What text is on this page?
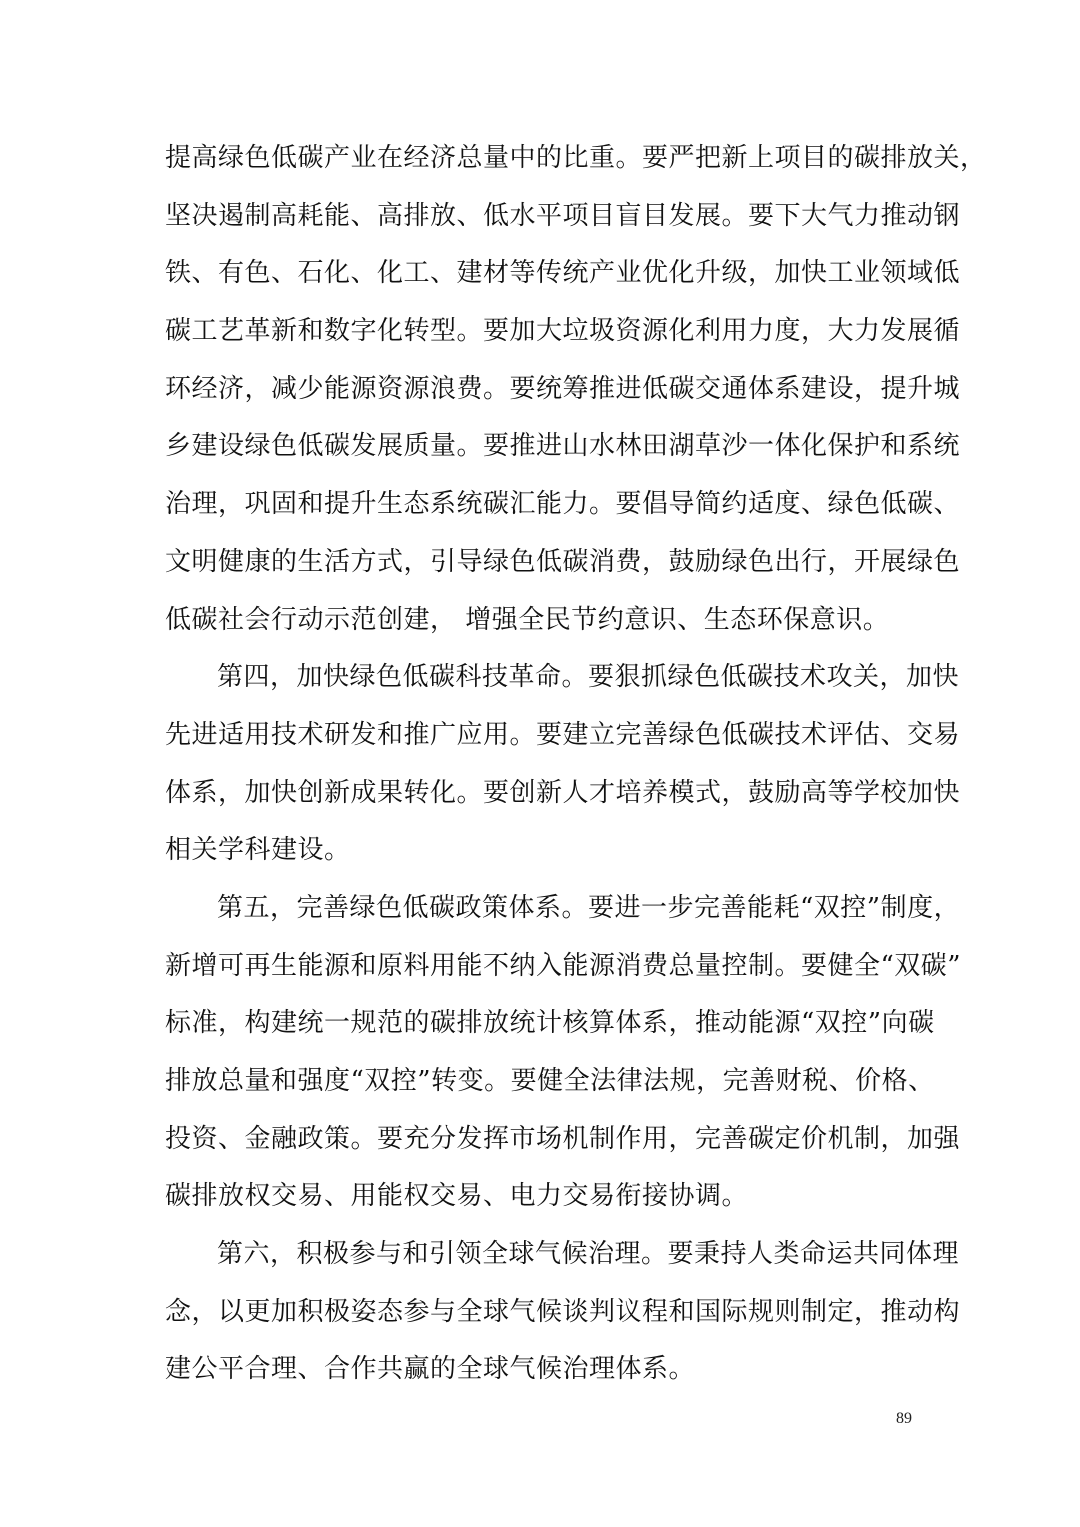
提高绿色低碳产业在经济总量中的比重。要严把新上项目的碳排放关，
坚决遏制高耗能、高排放、低水平项目盲目发展。要下大气力推动钢
铁、有色、石化、化工、建材等传统产业优化升级，加快工业领域低
碳工艺革新和数字化转型。要加大垃圾资源化利用力度，大力发展循
环经济，减少能源资源浪费。要统筹推进低碳交通体系建设，提升城
乡建设绿色低碳发展质量。要推进山水林田湖草沙一体化保护和系统
治理，巩固和提升生态系统碳汇能力。要倡导简约适度、绿色低碳、
文明健康的生活方式，引导绿色低碳消费，鼓励绿色出行，开展绿色
低碳社会行动示范创建， 增强全民节约意识、生态环保意识。
第四，加快绿色低碳科技革命。要狠抓绿色低碳技术攻关，加快
先进适用技术研发和推广应用。要建立完善绿色低碳技术评估、交易
体系，加快创新成果转化。要创新人才培养模式，鼓励高等学校加快
相关学科建设。
第五，完善绿色低碳政策体系。要进一步完善能耗“双控”制度，
新增可再生能源和原料用能不纳入能源消费总量控制。要健全“双碳”
标准，构建统一规范的碳排放统计核算体系，推动能源“双控”向碳
排放总量和强度“双控”转变。要健全法律法规，完善财税、价格、
投资、金融政策。要充分发挥市场机制作用，完善碳定价机制，加强
碳排放权交易、用能权交易、电力交易衔接协调。
第六，积极参与和引领全球气候治理。要秉持人类命运共同体理
念，以更加积极姿态参与全球气候谈判议程和国际规则制定，推动构
建公平合理、合作共赢的全球气候治理体系。
89
